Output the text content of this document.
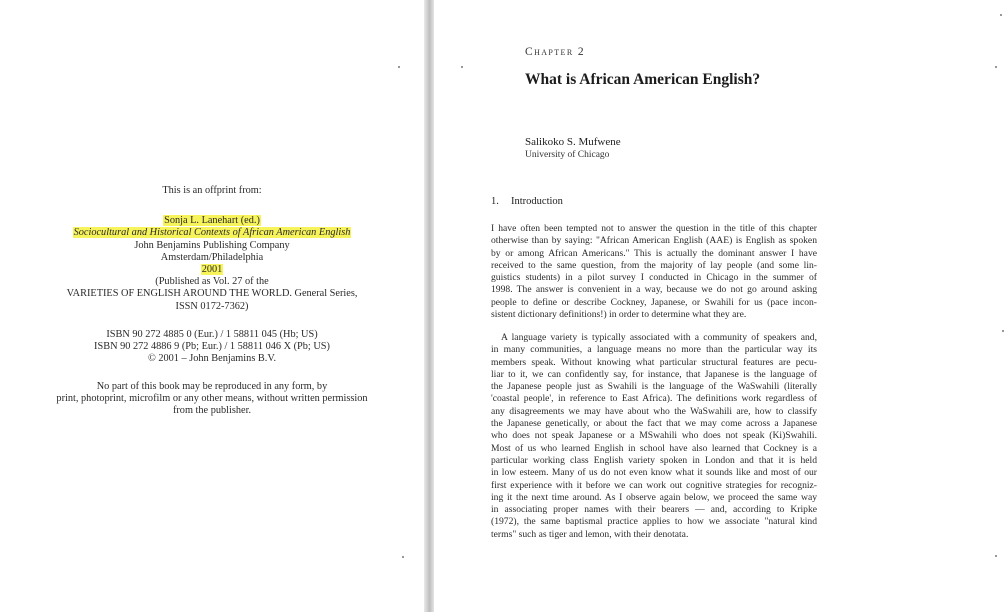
This is an offprint from:
Sonja L. Lanehart (ed.)
Sociocultural and Historical Contexts of African American English
John Benjamins Publishing Company
Amsterdam/Philadelphia
2001
(Published as Vol. 27 of the
VARIETIES OF ENGLISH AROUND THE WORLD. General Series,
ISSN 0172-7362)
ISBN 90 272 4885 0 (Eur.) / 1 58811 045 (Hb; US)
ISBN 90 272 4886 9 (Pb; Eur.) / 1 58811 046 X (Pb; US)
© 2001 – John Benjamins B.V.
No part of this book may be reproduced in any form, by
print, photoprint, microfilm or any other means, without written permission
from the publisher.
Chapter 2
What is African American English?
Salikoko S. Mufwene
University of Chicago
1. Introduction
I have often been tempted not to answer the question in the title of this chapter
otherwise than by saying: "African American English (AAE) is English as spoken
by or among African Americans." This is actually the dominant answer I have
received to the same question, from the majority of lay people (and some lin-
guistics students) in a pilot survey I conducted in Chicago in the summer of
1998. The answer is convenient in a way, because we do not go around asking
people to define or describe Cockney, Japanese, or Swahili for us (pace incon-
sistent dictionary definitions!) in order to determine what they are.
A language variety is typically associated with a community of speakers and,
in many communities, a language means no more than the particular way its
members speak. Without knowing what particular structural features are pecu-
liar to it, we can confidently say, for instance, that Japanese is the language of
the Japanese people just as Swahili is the language of the WaSwahili (literally
'coastal people', in reference to East Africa). The definitions work regardless of
any disagreements we may have about who the WaSwahili are, how to classify
the Japanese genetically, or about the fact that we may come across a Japanese
who does not speak Japanese or a MSwahili who does not speak (Ki)Swahili.
Most of us who learned English in school have also learned that Cockney is a
particular working class English variety spoken in London and that it is held
in low esteem. Many of us do not even know what it sounds like and most of our
first experience with it before we can work out cognitive strategies for recogniz-
ing it the next time around. As I observe again below, we proceed the same way
in associating proper names with their bearers — and, according to Kripke
(1972), the same baptismal practice applies to how we associate "natural kind
terms" such as tiger and lemon, with their denotata.
